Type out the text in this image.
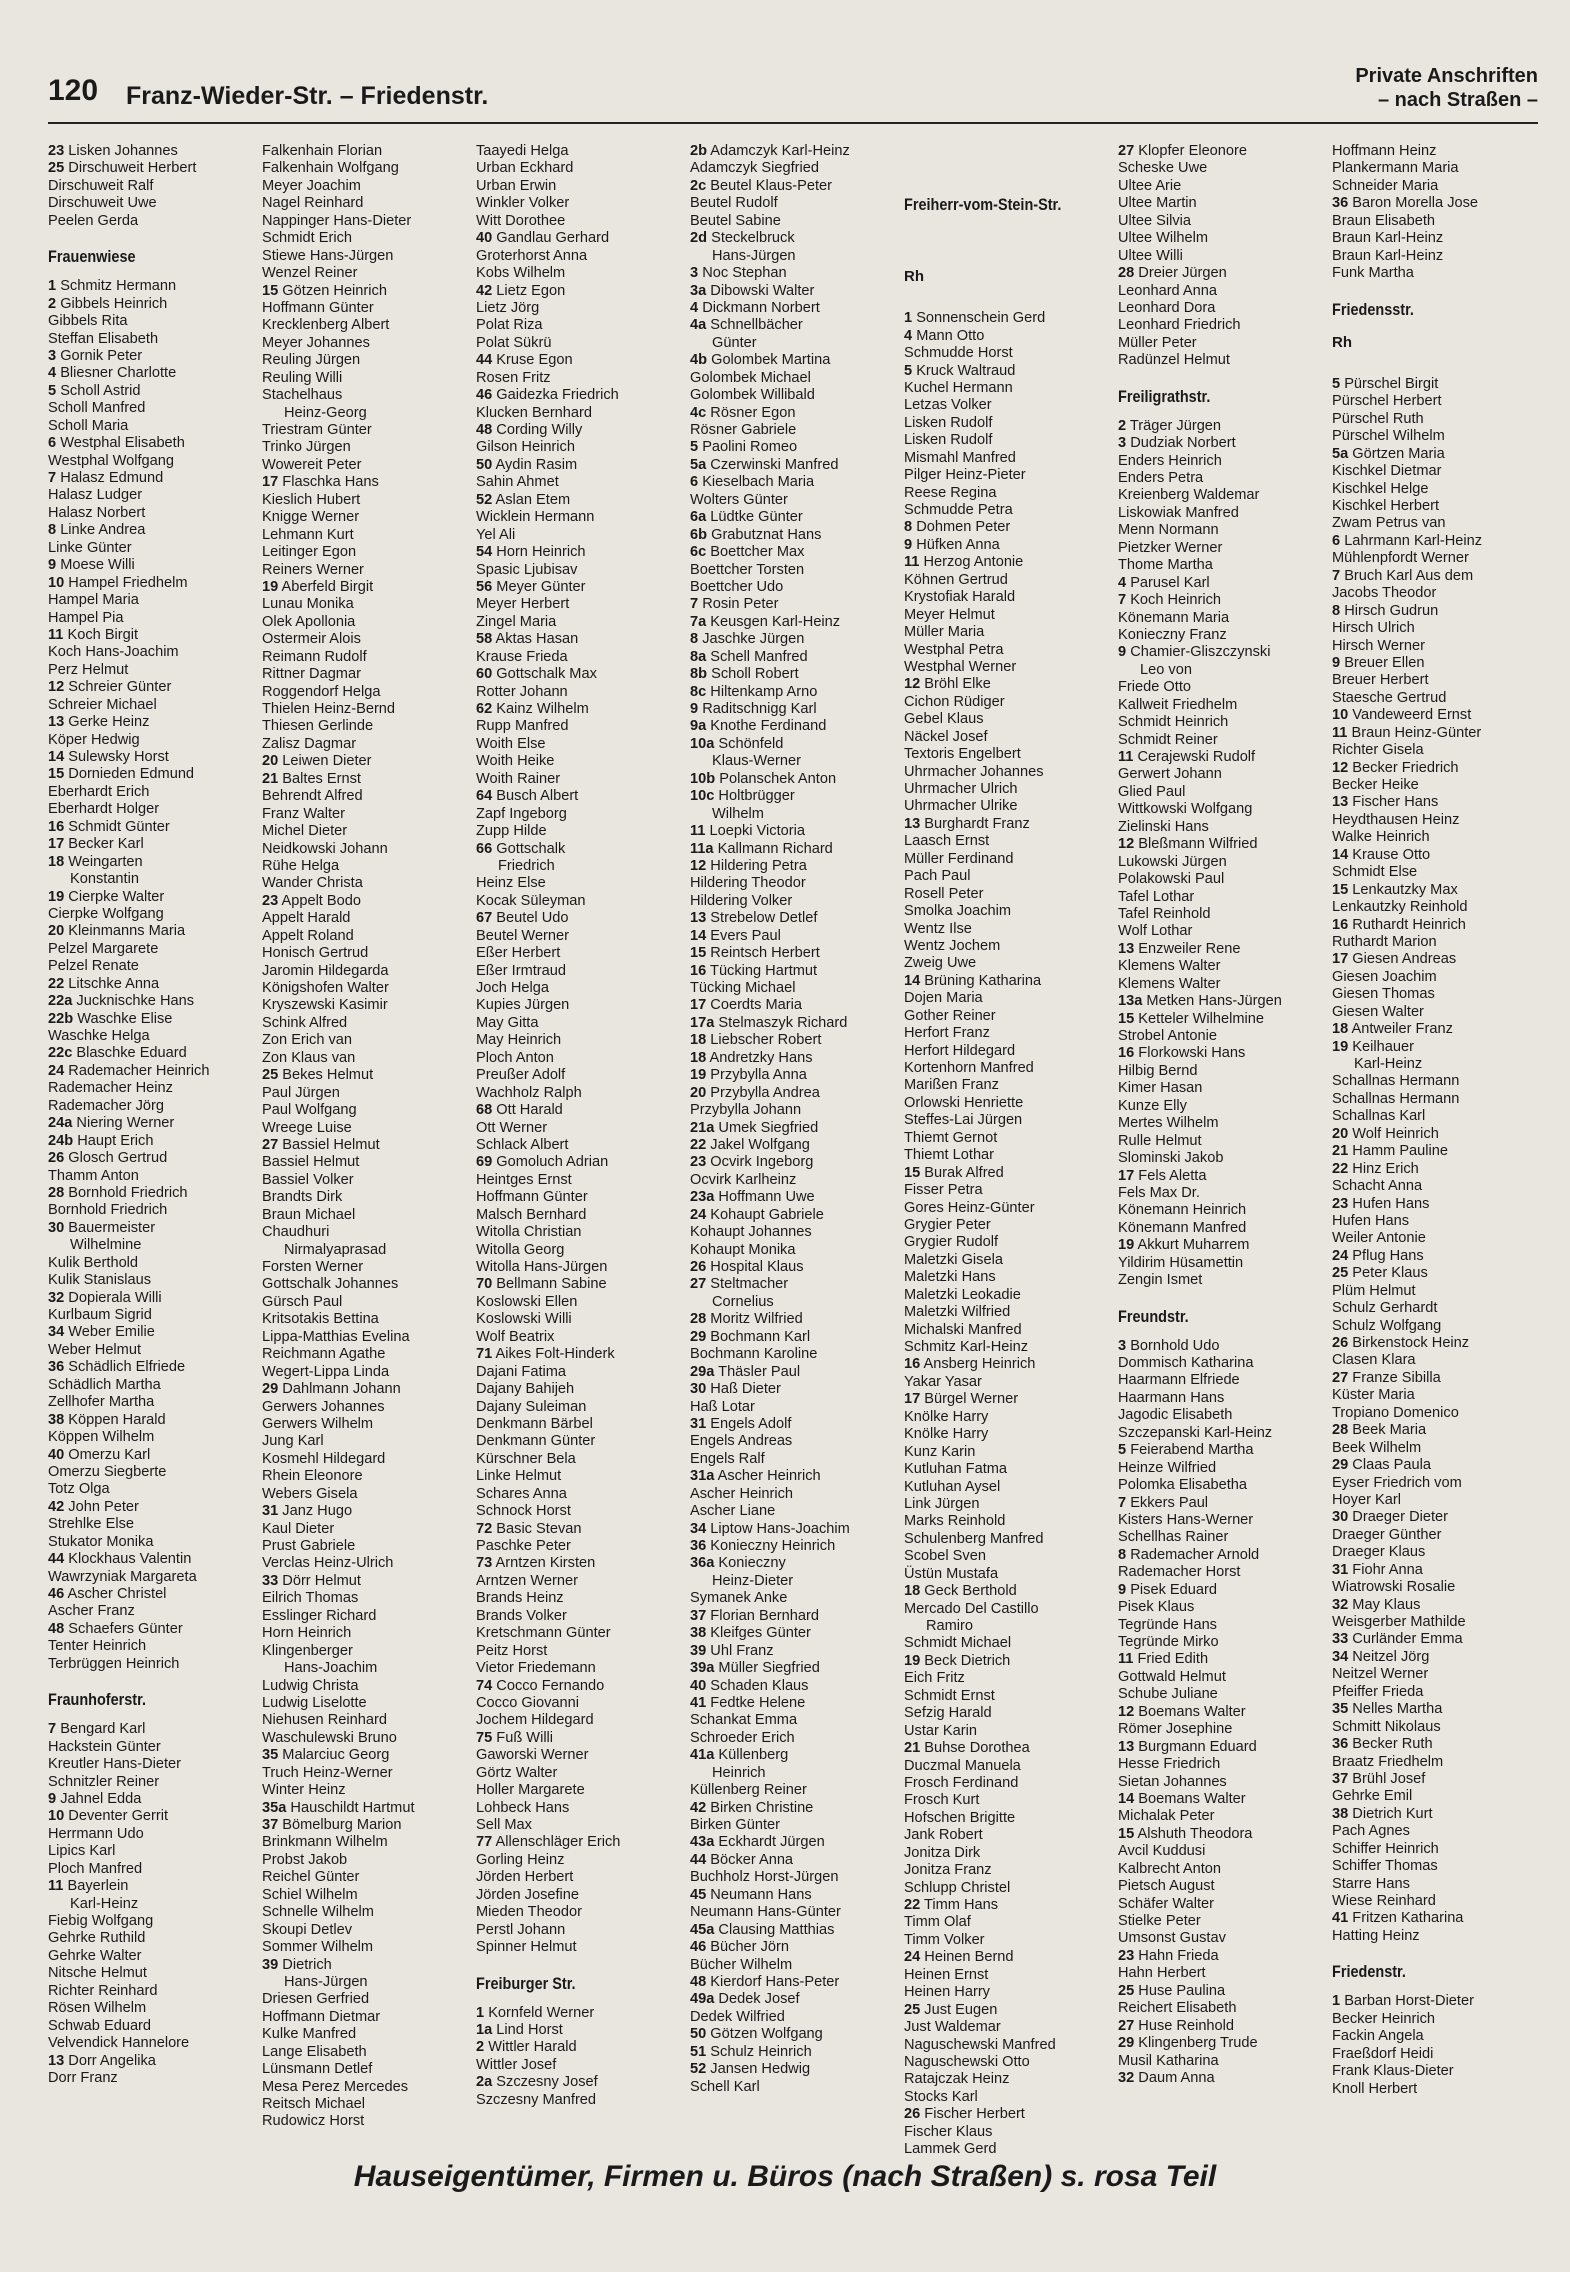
120 Franz-Wieder-Str. – Friedenstr.
Private Anschriften
– nach Straßen –
23 Lisken Johannes
25 Dirschuweit Herbert
Dirschuweit Ralf
Dirschuweit Uwe
Peelen Gerda
Frauenwiese
1 Schmitz Hermann
2 Gibbels Heinrich
Gibbels Rita
Steffan Elisabeth
3 Gornik Peter
4 Bliesner Charlotte
5 Scholl Astrid
Scholl Manfred
Scholl Maria
6 Westphal Elisabeth
Westphal Wolfgang
7 Halasz Edmund
Halasz Ludger
Halasz Norbert
8 Linke Andrea
Linke Günter
9 Moese Willi
10 Hampel Friedhelm
Hampel Maria
Hampel Pia
11 Koch Birgit
Koch Hans-Joachim
Perz Helmut
12 Schreier Günter
Schreier Michael
13 Gerke Heinz
Köper Hedwig
14 Sulewsky Horst
15 Dornieden Edmund
Eberhardt Erich
Eberhardt Holger
16 Schmidt Günter
17 Becker Karl
18 Weingarten
Konstantin
19 Cierpke Walter
Cierpke Wolfgang
20 Kleinmanns Maria
Pelzel Margarete
Pelzel Renate
22 Litschke Anna
22a Jucknischke Hans
22b Waschke Elise
Waschke Helga
22c Blaschke Eduard
24 Rademacher Heinrich
Rademacher Heinz
Rademacher Jörg
24a Niering Werner
24b Haupt Erich
26 Glosch Gertrud
Thamm Anton
28 Bornhold Friedrich
Bornhold Friedrich
30 Bauermeister
Wilhelmine
Kulik Berthold
Kulik Stanislaus
32 Dopierala Willi
Kurlbaum Sigrid
34 Weber Emilie
Weber Helmut
36 Schädlich Elfriede
Schädlich Martha
Zellhofer Martha
38 Köppen Harald
Köppen Wilhelm
40 Omerzu Karl
Omerzu Siegberte
Totz Olga
42 John Peter
Strehlke Else
Stukator Monika
44 Klockhaus Valentin
Wawrzyniak Margareta
46 Ascher Christel
Ascher Franz
48 Schaefers Günter
Tenter Heinrich
Terbrüggen Heinrich
Fraunhoferstr.
7 Bengard Karl
Hackstein Günter
Kreutler Hans-Dieter
Schnitzler Reiner
9 Jahnel Edda
10 Deventer Gerrit
Herrmann Udo
Lipics Karl
Ploch Manfred
11 Bayerlein
Karl-Heinz
Fiebig Wolfgang
Gehrke Ruthild
Gehrke Walter
Nitsche Helmut
Richter Reinhard
Rösen Wilhelm
Schwab Eduard
Velvendick Hannelore
13 Dorr Angelika
Dorr Franz
Falkenhain Florian
Falkenhain Wolfgang
Meyer Joachim
Nagel Reinhard
Nappinger Hans-Dieter
Schmidt Erich
Stiewe Hans-Jürgen
Wenzel Reiner
15 Götzen Heinrich
Hoffmann Günter
Krecklenberg Albert
Meyer Johannes
Reuling Jürgen
Reuling Willi
Stachelhaus
Heinz-Georg
Triestram Günter
Trinko Jürgen
Wowereit Peter
17 Flaschka Hans
Kieslich Hubert
Knigge Werner
Lehmann Kurt
Leitinger Egon
Reiners Werner
19 Aberfeld Birgit
Lunau Monika
Olek Apollonia
Ostermeir Alois
Reimann Rudolf
Rittner Dagmar
Roggendorf Helga
Thielen Heinz-Bernd
Thiesen Gerlinde
Zalisz Dagmar
20 Leiwen Dieter
21 Baltes Ernst
Behrendt Alfred
Franz Walter
Michel Dieter
Neidkowski Johann
Rühe Helga
Wander Christa
23 Appelt Bodo
Appelt Harald
Appelt Roland
Honisch Gertrud
Jaromin Hildegarda
Königshofen Walter
Kryszewski Kasimir
Schink Alfred
Zon Erich van
Zon Klaus van
25 Bekes Helmut
Paul Jürgen
Paul Wolfgang
Wreege Luise
27 Bassiel Helmut
Bassiel Helmut
Bassiel Volker
Brandts Dirk
Braun Michael
Chaudhuri
Nirmalyaprasad
Forsten Werner
Gottschalk Johannes
Gürsch Paul
Kritsotakis Bettina
Lippa-Matthias Evelina
Reichmann Agathe
Wegert-Lippa Linda
29 Dahlmann Johann
Gerwers Johannes
Gerwers Wilhelm
Jung Karl
Kosmehl Hildegard
Rhein Eleonore
Webers Gisela
31 Janz Hugo
Kaul Dieter
Prust Gabriele
Verclas Heinz-Ulrich
33 Dörr Helmut
Eilrich Thomas
Esslinger Richard
Horn Heinrich
Klingenberger
Hans-Joachim
Ludwig Christa
Ludwig Liselotte
Niehusen Reinhard
Waschulewski Bruno
35 Malarciuc Georg
Truch Heinz-Werner
Winter Heinz
35a Hauschildt Hartmut
37 Bömelburg Marion
Brinkmann Wilhelm
Probst Jakob
Reichel Günter
Schiel Wilhelm
Schnelle Wilhelm
Skoupi Detlev
Sommer Wilhelm
39 Dietrich
Hans-Jürgen
Driesen Gerfried
Hoffmann Dietmar
Kulke Manfred
Lange Elisabeth
Lünsmann Detlef
Mesa Perez Mercedes
Reitsch Michael
Rudowicz Horst
Taayedi Helga
Urban Eckhard
Urban Erwin
Winkler Volker
Witt Dorothee
40 Gandlau Gerhard
Groterhorst Anna
Kobs Wilhelm
42 Lietz Egon
Lietz Jörg
Polat Riza
Polat Sükrü
44 Kruse Egon
Rosen Fritz
46 Gaidezka Friedrich
Klucken Bernhard
48 Cording Willy
Gilson Heinrich
50 Aydin Rasim
Sahin Ahmet
52 Aslan Etem
Wicklein Hermann
Yel Ali
54 Horn Heinrich
Spasic Ljubisav
56 Meyer Günter
Meyer Herbert
Zingel Maria
58 Aktas Hasan
Krause Frieda
60 Gottschalk Max
Rotter Johann
62 Kainz Wilhelm
Rupp Manfred
Woith Else
Woith Heike
Woith Rainer
64 Busch Albert
Zapf Ingeborg
Zupp Hilde
66 Gottschalk
Friedrich
Heinz Else
Kocak Süleyman
67 Beutel Udo
Beutel Werner
Eßer Herbert
Eßer Irmtraud
Joch Helga
Kupies Jürgen
May Gitta
May Heinrich
Ploch Anton
Preußer Adolf
Wachholz Ralph
68 Ott Harald
Ott Werner
Schlack Albert
69 Gomoluch Adrian
Heintges Ernst
Hoffmann Günter
Malsch Bernhard
Witolla Christian
Witolla Georg
Witolla Hans-Jürgen
70 Bellmann Sabine
Koslowski Ellen
Koslowski Willi
Wolf Beatrix
71 Aikes Folt-Hinderk
Dajani Fatima
Dajany Bahijeh
Dajany Suleiman
Denkmann Bärbel
Denkmann Günter
Kürschner Bela
Linke Helmut
Schares Anna
Schnock Horst
72 Basic Stevan
Paschke Peter
73 Arntzen Kirsten
Arntzen Werner
Brands Heinz
Brands Volker
Kretschmann Günter
Peitz Horst
Vietor Friedemann
74 Cocco Fernando
Cocco Giovanni
Jochem Hildegard
75 Fuß Willi
Gaworski Werner
Görtz Walter
Holler Margarete
Lohbeck Hans
Sell Max
77 Allenschläger Erich
Gorling Heinz
Jörden Herbert
Jörden Josefine
Mieden Theodor
Perstl Johann
Spinner Helmut
Freiburger Str.
1 Kornfeld Werner
1a Lind Horst
2 Wittler Harald
Wittler Josef
2a Szczesny Josef
Szczesny Manfred
2b Adamczyk Karl-Heinz
Adamczyk Siegfried
2c Beutel Klaus-Peter
Beutel Rudolf
Beutel Sabine
2d Steckelbruck
Hans-Jürgen
3 Noc Stephan
3a Dibowski Walter
4 Dickmann Norbert
4a Schnellbächer
Günter
4b Golombek Martina
Golombek Michael
Golombek Willibald
4c Rösner Egon
Rösner Gabriele
5 Paolini Romeo
5a Czerwinski Manfred
6 Kieselbach Maria
Wolters Günter
6a Lüdtke Günter
6b Grabutznat Hans
6c Boettcher Max
Boettcher Torsten
Boettcher Udo
7 Rosin Peter
7a Keusgen Karl-Heinz
8 Jaschke Jürgen
8a Schell Manfred
8b Scholl Robert
8c Hiltenkamp Arno
9 Raditschnigg Karl
9a Knothe Ferdinand
10a Schönfeld
Klaus-Werner
10b Polanschek Anton
10c Holtbrügger
Wilhelm
11 Loepki Victoria
11a Kallmann Richard
12 Hildering Petra
Hildering Theodor
Hildering Volker
13 Strebelow Detlef
14 Evers Paul
15 Reintsch Herbert
16 Tücking Hartmut
Tücking Michael
17 Coerdts Maria
17a Stelmaszyk Richard
18 Liebscher Robert
18 Andretzky Hans
19 Przybylla Anna
20 Przybylla Andrea
Przybylla Johann
21a Umek Siegfried
22 Jakel Wolfgang
23 Ocvirk Ingeborg
Ocvirk Karlheinz
23a Hoffmann Uwe
24 Kohaupt Gabriele
Kohaupt Johannes
Kohaupt Monika
26 Hospital Klaus
27 Steltmacher
Cornelius
28 Moritz Wilfried
29 Bochmann Karl
Bochmann Karoline
29a Thäsler Paul
30 Haß Dieter
Haß Lotar
31 Engels Adolf
Engels Andreas
Engels Ralf
31a Ascher Heinrich
Ascher Heinrich
Ascher Liane
34 Liptow Hans-Joachim
36 Konieczny Heinrich
36a Konieczny
Heinz-Dieter
Symanek Anke
37 Florian Bernhard
38 Kleifges Günter
39 Uhl Franz
39a Müller Siegfried
40 Schaden Klaus
41 Fedtke Helene
Schankat Emma
Schroeder Erich
41a Küllenberg
Heinrich
Küllenberg Reiner
42 Birken Christine
Birken Günter
43a Eckhardt Jürgen
44 Böcker Anna
Buchholz Horst-Jürgen
45 Neumann Hans
Neumann Hans-Günter
45a Clausing Matthias
46 Bücher Jörn
Bücher Wilhelm
48 Kierdorf Hans-Peter
49a Dedek Josef
Dedek Wilfried
50 Götzen Wolfgang
51 Schulz Heinrich
52 Jansen Hedwig
Schell Karl
Freiherr-vom-Stein-Str.
Rh
1 Sonnenschein Gerd
4 Mann Otto
Schmudde Horst
5 Kruck Waltraud
Kuchel Hermann
Letzas Volker
Lisken Rudolf
Lisken Rudolf
Mismahl Manfred
Pilger Heinz-Pieter
Reese Regina
Schmudde Petra
8 Dohmen Peter
9 Hüfken Anna
11 Herzog Antonie
Köhnen Gertrud
Krystofiak Harald
Meyer Helmut
Müller Maria
Westphal Petra
Westphal Werner
12 Bröhl Elke
Cichon Rüdiger
Gebel Klaus
Näckel Josef
Textoris Engelbert
Uhrmacher Johannes
Uhrmacher Ulrich
Uhrmacher Ulrike
13 Burghardt Franz
Laasch Ernst
Müller Ferdinand
Pach Paul
Rosell Peter
Smolka Joachim
Wentz Ilse
Wentz Jochem
Zweig Uwe
14 Brüning Katharina
Dojen Maria
Gother Reiner
Herfort Franz
Herfort Hildegard
Kortenhorn Manfred
Marißen Franz
Orlowski Henriette
Steffes-Lai Jürgen
Thiemt Gernot
Thiemt Lothar
15 Burak Alfred
Fisser Petra
Gores Heinz-Günter
Grygier Peter
Grygier Rudolf
Maletzki Gisela
Maletzki Hans
Maletzki Leokadie
Maletzki Wilfried
Michalski Manfred
Schmitz Karl-Heinz
16 Ansberg Heinrich
Yakar Yasar
17 Bürgel Werner
Knölke Harry
Knölke Harry
Kunz Karin
Kutluhan Fatma
Kutluhan Aysel
Link Jürgen
Marks Reinhold
Schulenberg Manfred
Scobel Sven
Üstün Mustafa
18 Geck Berthold
Mercado Del Castillo
Ramiro
Schmidt Michael
19 Beck Dietrich
Eich Fritz
Schmidt Ernst
Sefzig Harald
Ustar Karin
21 Buhse Dorothea
Duczmal Manuela
Frosch Ferdinand
Frosch Kurt
Hofschen Brigitte
Jank Robert
Jonitza Dirk
Jonitza Franz
Schlupp Christel
22 Timm Hans
Timm Olaf
Timm Volker
24 Heinen Bernd
Heinen Ernst
Heinen Harry
25 Just Eugen
Just Waldemar
Naguschewski Manfred
Naguschewski Otto
Ratajczak Heinz
Stocks Karl
26 Fischer Herbert
Fischer Klaus
Lammek Gerd
27 Klopfer Eleonore
Scheske Uwe
Ultee Arie
Ultee Martin
Ultee Silvia
Ultee Wilhelm
Ultee Willi
28 Dreier Jürgen
Leonhard Anna
Leonhard Dora
Leonhard Friedrich
Müller Peter
Radünzel Helmut
Freiligrathstr.
2 Träger Jürgen
3 Dudziak Norbert
Enders Heinrich
Enders Petra
Kreienberg Waldemar
Liskowiak Manfred
Menn Normann
Pietzker Werner
Thome Martha
4 Parusel Karl
7 Koch Heinrich
Könemann Maria
Konieczny Franz
9 Chamier-Gliszczynski
Leo von
Friede Otto
Kallweit Friedhelm
Schmidt Heinrich
Schmidt Reiner
11 Cerajewski Rudolf
Gerwert Johann
Glied Paul
Wittkowski Wolfgang
Zielinski Hans
12 Bleßmann Wilfried
Lukowski Jürgen
Polakowski Paul
Tafel Lothar
Tafel Reinhold
Wolf Lothar
13 Enzweiler Rene
Klemens Walter
Klemens Walter
13a Metken Hans-Jürgen
15 Ketteler Wilhelmine
Strobel Antonie
16 Florkowski Hans
Hilbig Bernd
Kimer Hasan
Kunze Elly
Mertes Wilhelm
Rulle Helmut
Slominski Jakob
17 Fels Aletta
Fels Max Dr.
Könemann Heinrich
Könemann Manfred
19 Akkurt Muharrem
Yildirim Hüsamettin
Zengin Ismet
Freundstr.
3 Bornhold Udo
Dommisch Katharina
Haarmann Elfriede
Haarmann Hans
Jagodic Elisabeth
Szczepanski Karl-Heinz
5 Feierabend Martha
Heinze Wilfried
Polomka Elisabetha
7 Ekkers Paul
Kisters Hans-Werner
Schellhas Rainer
8 Rademacher Arnold
Rademacher Horst
9 Pisek Eduard
Pisek Klaus
Tegründe Hans
Tegründe Mirko
11 Fried Edith
Gottwald Helmut
Schube Juliane
12 Boemans Walter
Römer Josephine
13 Burgmann Eduard
Hesse Friedrich
Sietan Johannes
14 Boemans Walter
Michalak Peter
15 Alshuth Theodora
Avcil Kuddusi
Kalbrecht Anton
Pietsch August
Schäfer Walter
Stielke Peter
Umsonst Gustav
23 Hahn Frieda
Hahn Herbert
25 Huse Paulina
Reichert Elisabeth
27 Huse Reinhold
29 Klingenberg Trude
Musil Katharina
32 Daum Anna
Hoffmann Heinz
Plankermann Maria
Schneider Maria
36 Baron Morella Jose
Braun Elisabeth
Braun Karl-Heinz
Braun Karl-Heinz
Funk Martha
Friedensstr.
Rh
5 Pürschel Birgit
Pürschel Herbert
Pürschel Ruth
Pürschel Wilhelm
5a Görtzen Maria
Kischkel Dietmar
Kischkel Helge
Kischkel Herbert
Zwam Petrus van
6 Lahrmann Karl-Heinz
Mühlenpfordt Werner
7 Bruch Karl Aus dem
Jacobs Theodor
8 Hirsch Gudrun
Hirsch Ulrich
Hirsch Werner
9 Breuer Ellen
Breuer Herbert
Staesche Gertrud
10 Vandeweerd Ernst
11 Braun Heinz-Günter
Richter Gisela
12 Becker Friedrich
Becker Heike
13 Fischer Hans
Heydthausen Heinz
Walke Heinrich
14 Krause Otto
Schmidt Else
15 Lenkautzky Max
Lenkautzky Reinhold
16 Ruthardt Heinrich
Ruthardt Marion
17 Giesen Andreas
Giesen Joachim
Giesen Thomas
Giesen Walter
18 Antweiler Franz
19 Keilhauer
Karl-Heinz
Schallnas Hermann
Schallnas Hermann
Schallnas Karl
20 Wolf Heinrich
21 Hamm Pauline
22 Hinz Erich
Schacht Anna
23 Hufen Hans
Hufen Hans
Weiler Antonie
24 Pflug Hans
25 Peter Klaus
Plüm Helmut
Schulz Gerhardt
Schulz Wolfgang
26 Birkenstock Heinz
Clasen Klara
27 Franze Sibilla
Küster Maria
Tropiano Domenico
28 Beek Maria
Beek Wilhelm
29 Claas Paula
Eyser Friedrich vom
Hoyer Karl
30 Draeger Dieter
Draeger Günther
Draeger Klaus
31 Fiohr Anna
Wiatrowski Rosalie
32 May Klaus
Weisgerber Mathilde
33 Curländer Emma
34 Neitzel Jörg
Neitzel Werner
Pfeiffer Frieda
35 Nelles Martha
Schmitt Nikolaus
36 Becker Ruth
Braatz Friedhelm
37 Brühl Josef
Gehrke Emil
38 Dietrich Kurt
Pach Agnes
Schiffer Heinrich
Schiffer Thomas
Starre Hans
Wiese Reinhard
41 Fritzen Katharina
Hatting Heinz
Friedenstr.
1 Barban Horst-Dieter
Becker Heinrich
Fackin Angela
Fraeßdorf Heidi
Frank Klaus-Dieter
Knoll Herbert
Hauseigentümer, Firmen u. Büros (nach Straßen) s. rosa Teil
